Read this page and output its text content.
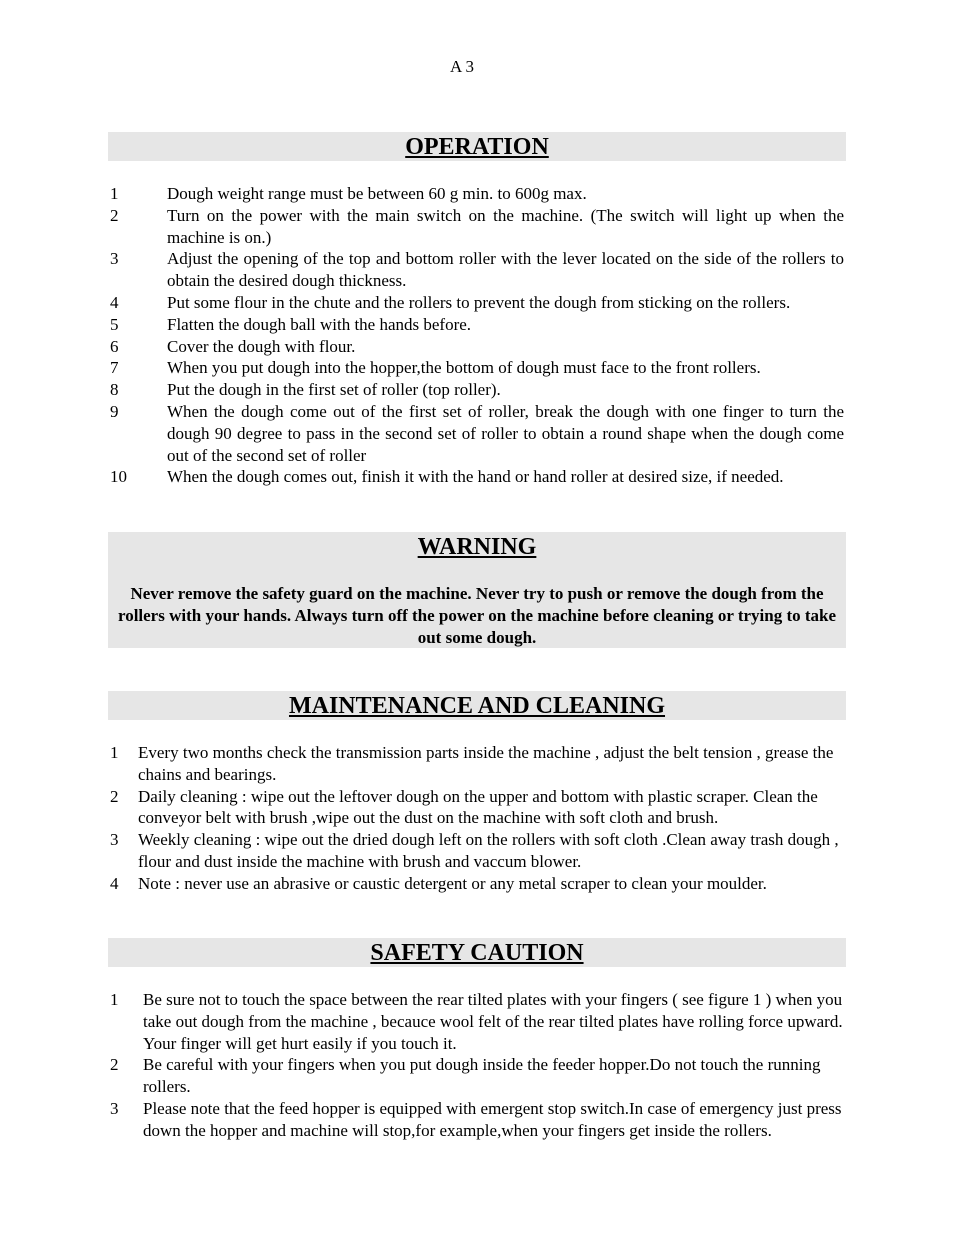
A 3
OPERATION
1	Dough weight range must be between 60 g min. to 600g max.
2	Turn on the power with the main switch on the machine. (The switch will light up when the machine is on.)
3	Adjust the opening of the top and bottom roller with the lever located on the side of the rollers to obtain the desired dough thickness.
4	Put some flour in the chute and the rollers to prevent the dough from sticking on the rollers.
5	Flatten the dough ball with the hands before.
6	Cover the dough with flour.
7	When you put dough into the hopper,the bottom of dough must face to the front rollers.
8	Put the dough in the first set of roller (top roller).
9	When the dough come out of the first set of roller, break the dough with one finger to turn the dough 90 degree to pass in the second set of roller to obtain a round shape when the dough come out of the second set of roller
10	When the dough comes out, finish it with the hand or hand roller at desired size, if needed.
WARNING
Never remove the safety guard on the machine. Never try to push or remove the dough from the rollers with your hands. Always turn off the power on the machine before cleaning or trying to take out some dough.
MAINTENANCE AND CLEANING
1	Every two months check the transmission parts inside the machine , adjust the belt tension , grease the chains and bearings.
2	Daily cleaning : wipe out the leftover dough on the upper and bottom with plastic scraper. Clean the conveyor belt with brush ,wipe out the dust on the machine with soft cloth and brush.
3	Weekly cleaning : wipe out the dried dough left on the rollers with soft cloth .Clean away trash dough , flour and dust inside the machine with brush and vaccum blower.
4	Note : never use an abrasive or caustic detergent or any metal scraper to clean your moulder.
SAFETY CAUTION
1	Be sure not to touch the space between the rear tilted plates with your fingers ( see figure 1 ) when you take out dough from the machine , becauce wool felt of the rear tilted plates have rolling force upward. Your finger will get hurt easily if you touch it.
2	Be careful with your fingers when you put dough inside the feeder hopper.Do not touch the running rollers.
3	Please note that the feed hopper is equipped with emergent stop switch.In case of emergency just press down the hopper and machine will stop,for example,when your fingers get inside the rollers.
